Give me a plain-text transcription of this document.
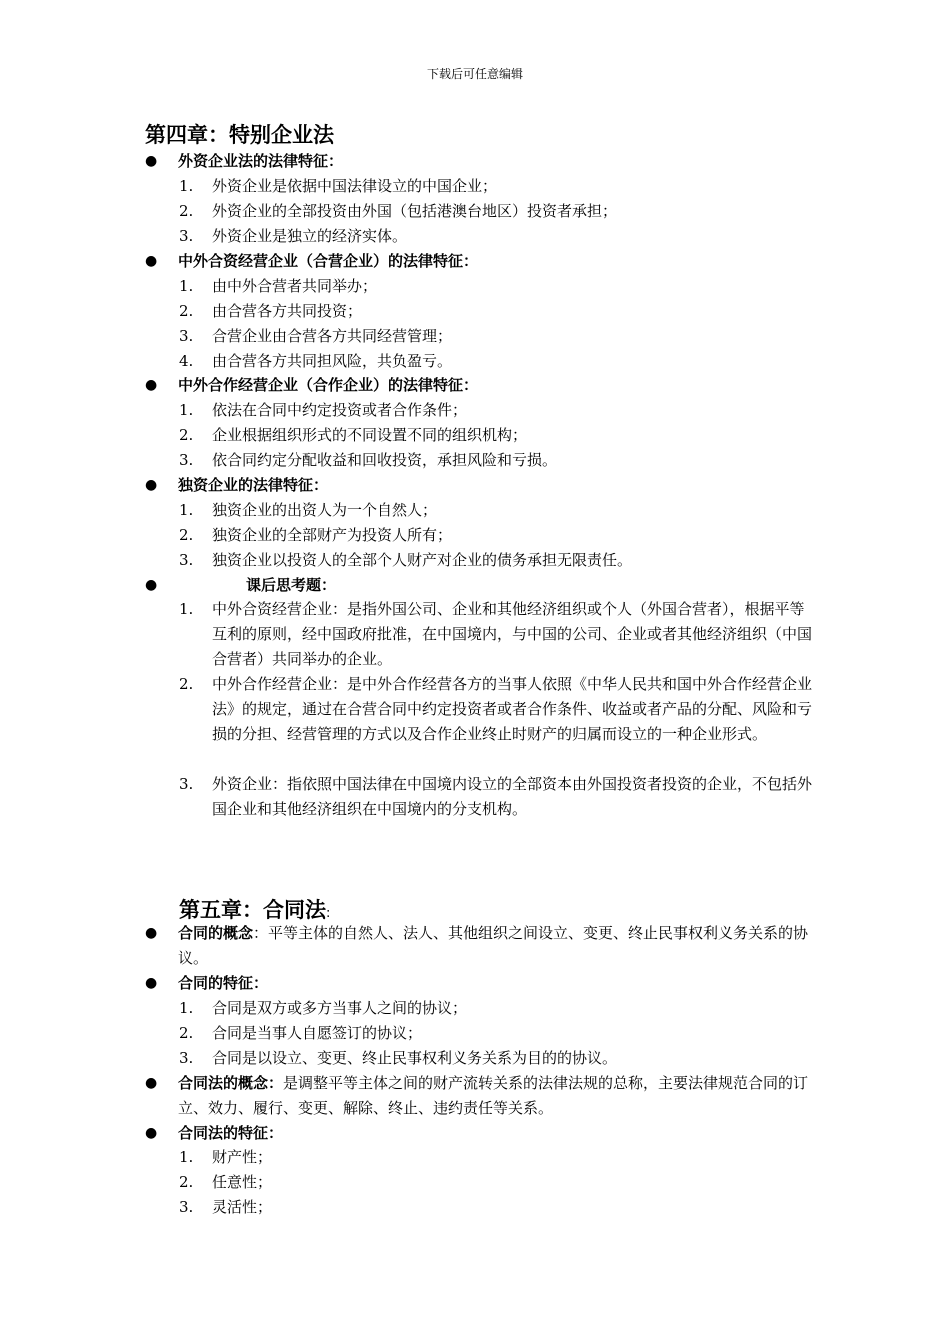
下载后可任意编辑
第四章：特别企业法
● 外资企业法的法律特征：
1. 外资企业是依据中国法律设立的中国企业；
2. 外资企业的全部投资由外国（包括港澳台地区）投资者承担；
3. 外资企业是独立的经济实体。
● 中外合资经营企业（合营企业）的法律特征：
1. 由中外合营者共同举办；
2. 由合营各方共同投资；
3. 合营企业由合营各方共同经营管理；
4. 由合营各方共同担风险，共负盈亏。
● 中外合作经营企业（合作企业）的法律特征：
1. 依法在合同中约定投资或者合作条件；
2. 企业根据组织形式的不同设置不同的组织机构；
3. 依合同约定分配收益和回收投资，承担风险和亏损。
● 独资企业的法律特征：
1. 独资企业的出资人为一个自然人；
2. 独资企业的全部财产为投资人所有；
3. 独资企业以投资人的全部个人财产对企业的债务承担无限责任。
●	课后思考题：
1. 中外合资经营企业：是指外国公司、企业和其他经济组织或个人（外国合营者），根据平等互利的原则，经中国政府批准，在中国境内，与中国的公司、企业或者其他经济组织（中国合营者）共同举办的企业。
2. 中外合作经营企业：是中外合作经营各方的当事人依照《中华人民共和国中外合作经营企业法》的规定，通过在合营合同中约定投资者或者合作条件、收益或者产品的分配、风险和亏损的分担、经营管理的方式以及合作企业终止时财产的归属而设立的一种企业形式。
3. 外资企业：指依照中国法律在中国境内设立的全部资本由外国投资者投资的企业，不包括外国企业和其他经济组织在中国境内的分支机构。
第五章：合同法:
● 合同的概念：平等主体的自然人、法人、其他组织之间设立、变更、终止民事权利义务关系的协议。
● 合同的特征：
1. 合同是双方或多方当事人之间的协议；
2. 合同是当事人自愿签订的协议；
3. 合同是以设立、变更、终止民事权利义务关系为目的的协议。
● 合同法的概念：是调整平等主体之间的财产流转关系的法律法规的总称，主要法律规范合同的订立、效力、履行、变更、解除、终止、违约责任等关系。
● 合同法的特征：
1. 财产性；
2. 任意性；
3. 灵活性；
